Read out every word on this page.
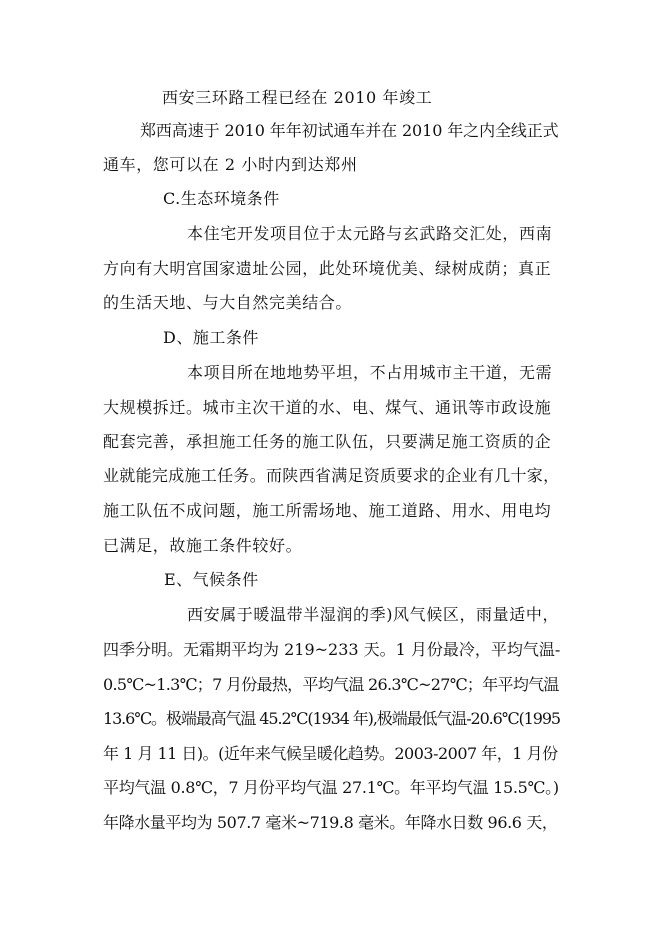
西安三环路工程已经在 2010 年竣工
郑西高速于 2010 年年初试通车并在 2010 年之内全线正式
通车，您可以在 2 小时内到达郑州
C.生态环境条件
本住宅开发项目位于太元路与玄武路交汇处，西南
方向有大明宫国家遗址公园，此处环境优美、绿树成荫；真正
的生活天地、与大自然完美结合。
D、施工条件
本项目所在地地势平坦，不占用城市主干道，无需
大规模拆迁。城市主次干道的水、电、煤气、通讯等市政设施
配套完善，承担施工任务的施工队伍，只要满足施工资质的企
业就能完成施工任务。而陕西省满足资质要求的企业有几十家，
施工队伍不成问题，施工所需场地、施工道路、用水、用电均
已满足，故施工条件较好。
E、气候条件
西安属于暖温带半湿润的季)风气候区，雨量适中，
四季分明。无霜期平均为 219~233 天。1 月份最冷，平均气温-
0.5℃~1.3℃；7 月份最热，平均气温 26.3℃~27℃；年平均气温
13.6℃。极端最高气温 45.2℃(1934 年),极端最低气温-20.6℃(1995
年 1 月 11 日)。(近年来气候呈暖化趋势。2003-2007 年，1 月份
平均气温 0.8℃，7 月份平均气温 27.1℃。年平均气温 15.5℃。)
年降水量平均为 507.7 毫米~719.8 毫米。年降水日数 96.6 天，
